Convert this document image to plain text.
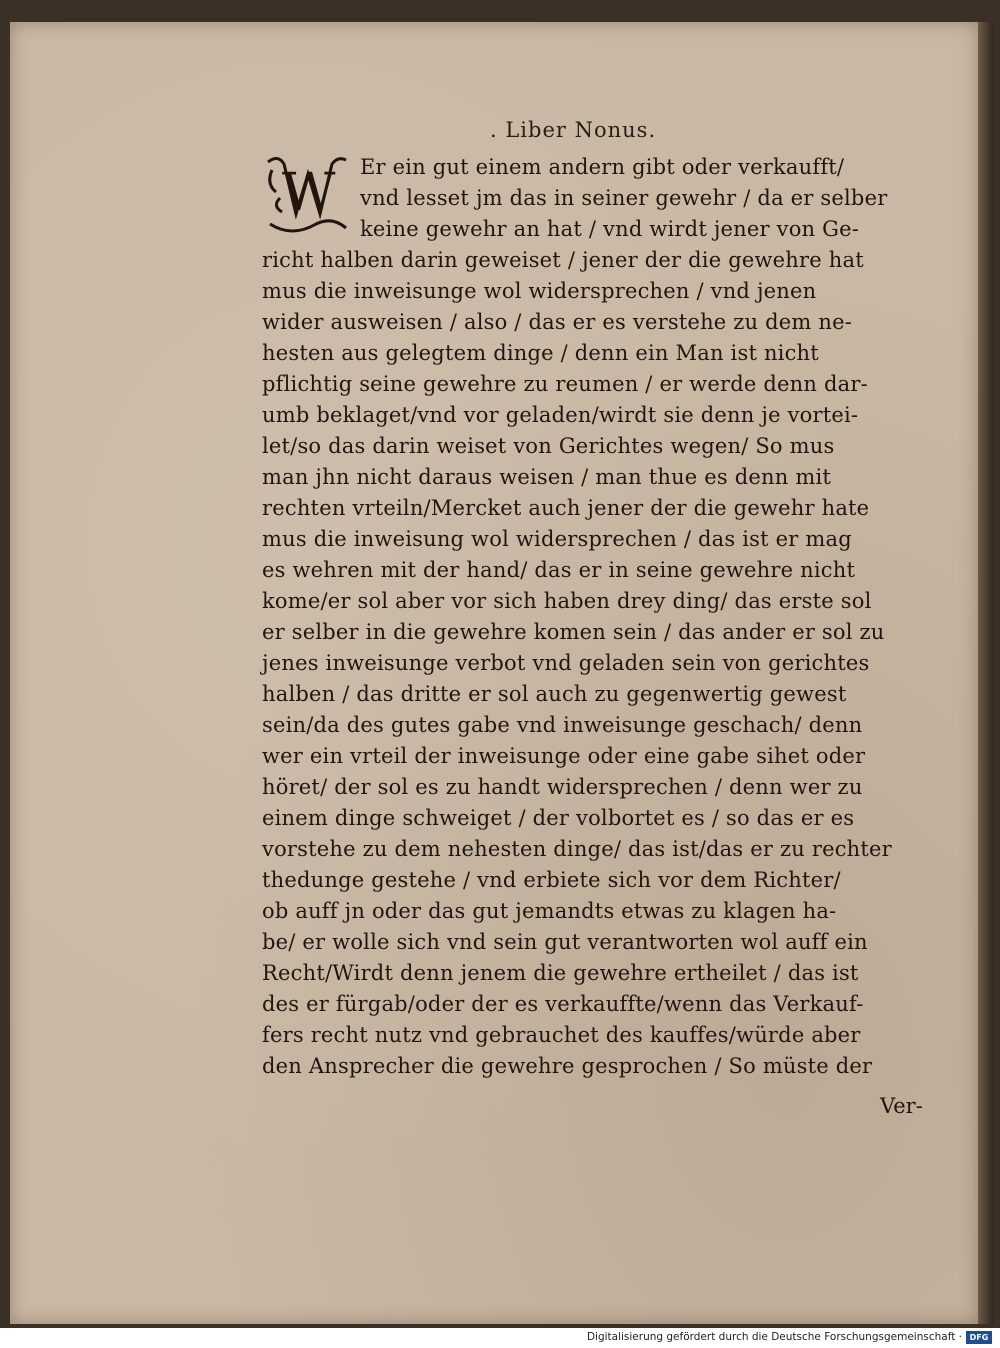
. Liber Nonus.
W Er ein gut einem andern gibt oder verkaufft/
vnd lesset jm das in seiner gewehr / da er selber
keine gewehr an hat / vnd wirdt jener von Ge-
richt halben darin geweiset / jener der die gewehre hat
mus die inweisunge wol widersprechen / vnd jenen
wider ausweisen / also / das er es verstehe zu dem ne-
hesten aus gelegtem dinge / denn ein Man ist nicht
pflichtig seine gewehre zu reumen / er werde denn dar-
umb beklaget/vnd vor geladen/wirdt sie denn je vortei-
let/so das darin weiset von Gerichtes wegen/ So mus
man jhn nicht daraus weisen / man thue es denn mit
rechten vrteiln/Mercket auch jener der die gewehr hate
mus die inweisung wol widersprechen / das ist er mag
es wehren mit der hand/ das er in seine gewehre nicht
kome/er sol aber vor sich haben drey ding/ das erste sol
er selber in die gewehre komen sein / das ander er sol zu
jenes inweisunge verbot vnd geladen sein von gerichtes
halben / das dritte er sol auch zu gegenwertig gewest
sein/da des gutes gabe vnd inweisunge geschach/ denn
wer ein vrteil der inweisunge oder eine gabe sihet oder
höret/ der sol es zu handt widersprechen / denn wer zu
einem dinge schweiget / der volbortet es / so das er es
vorstehe zu dem nehesten dinge/ das ist/das er zu rechter
thedunge gestehe / vnd erbiete sich vor dem Richter/
ob auff jn oder das gut jemandts etwas zu klagen ha-
be/ er wolle sich vnd sein gut verantworten wol auff ein
Recht/Wirdt denn jenem die gewehre ertheilet / das ist
des er fürgab/oder der es verkauffte/wenn das Verkauf-
fers recht nutz vnd gebrauchet des kauffes/würde aber
den Ansprecher die gewehre gesprochen / So müste der
Ver-
Digitalisierung gefördert durch die Deutsche Forschungsgemeinschaft · DFG
